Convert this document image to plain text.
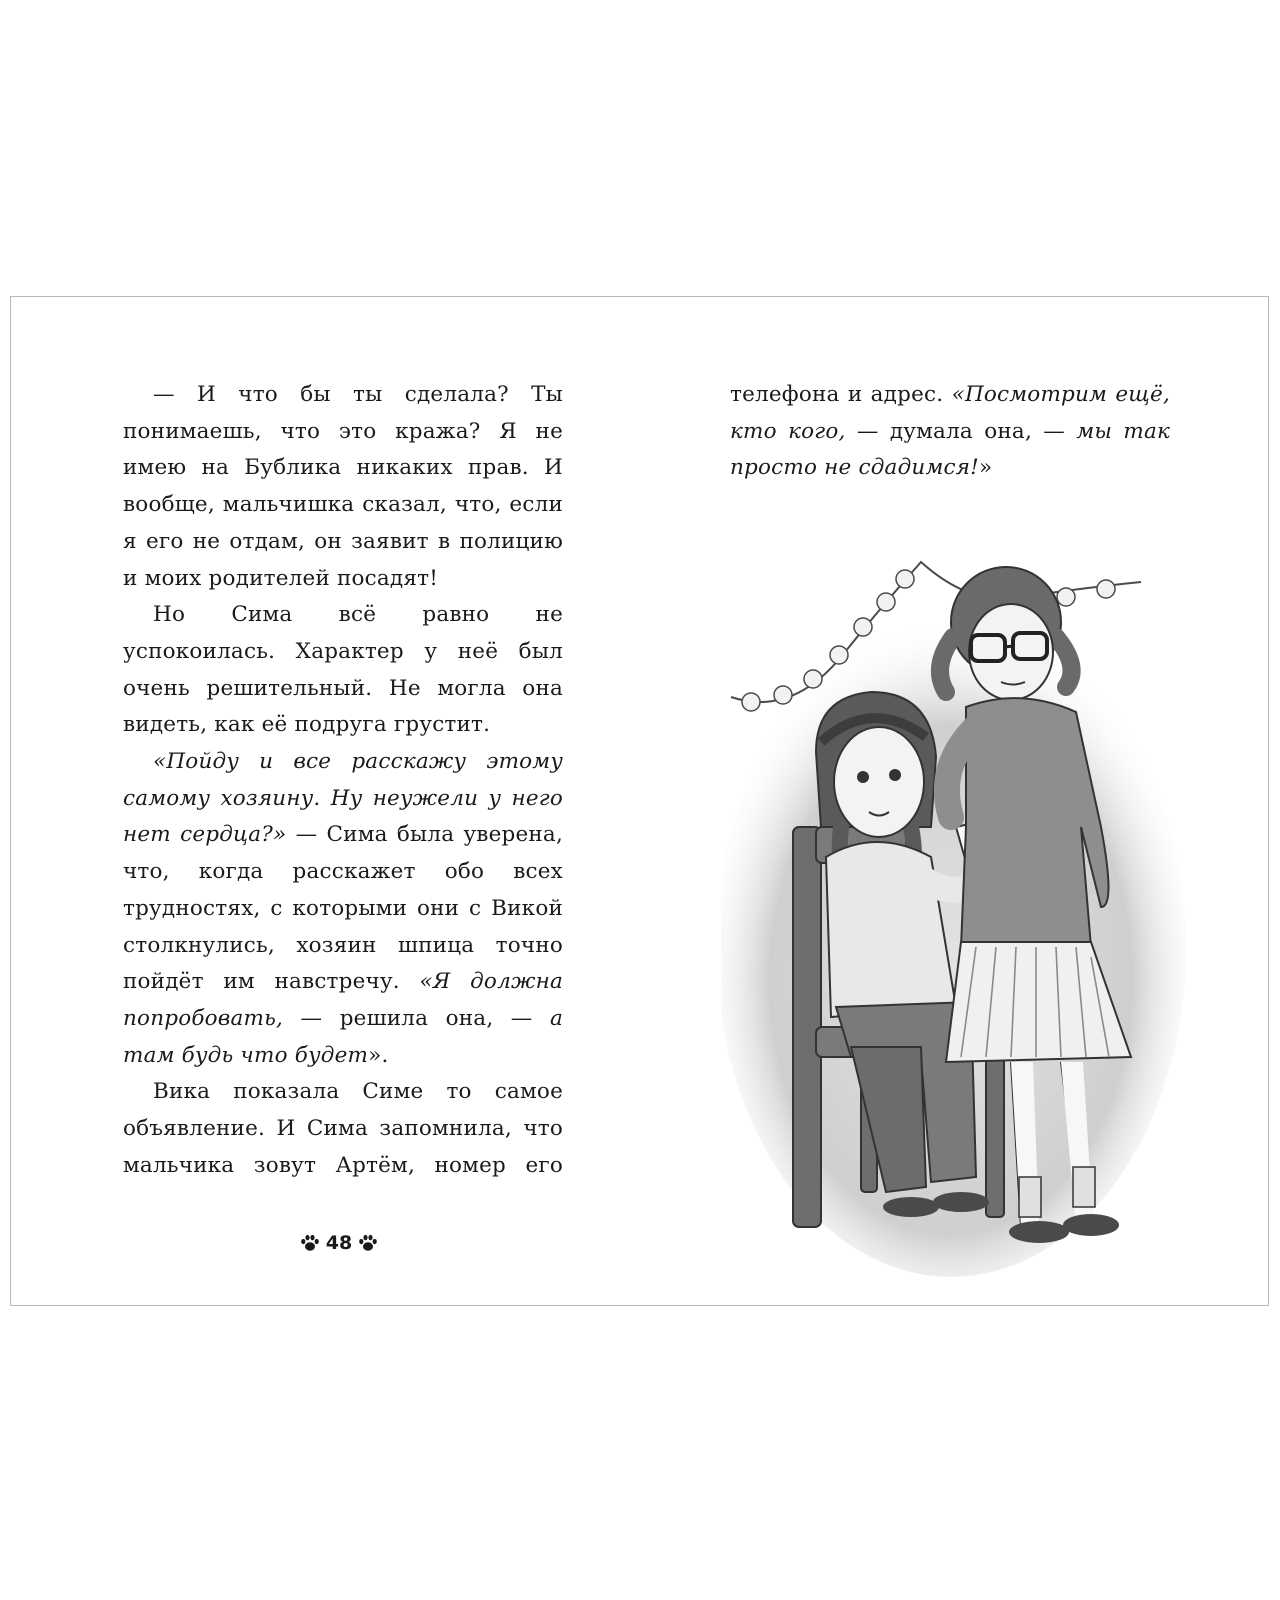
— И что бы ты сделала? Ты понимаешь, что это кража? Я не имею на Бублика никаких прав. И вообще, мальчишка сказал, что, если я его не отдам, он заявит в полицию и моих родителей посадят!

Но Сима всё равно не успокоилась. Характер у неё был очень решительный. Не могла она видеть, как её подруга грустит.

«Пойду и все расскажу этому самому хозяину. Ну неужели у него нет сердца?» — Сима была уверена, что, когда расскажет обо всех трудностях, с которыми они с Викой столкнулись, хозяин шпица точно пойдёт им навстречу. «Я должна попробовать, — решила она, — а там будь что будет».

Вика показала Симе то самое объявление. И Сима запомнила, что мальчика зовут Артём, номер его

48

телефона и адрес. «Посмотрим ещё, кто кого, — думала она, — мы так просто не сдадимся!»
